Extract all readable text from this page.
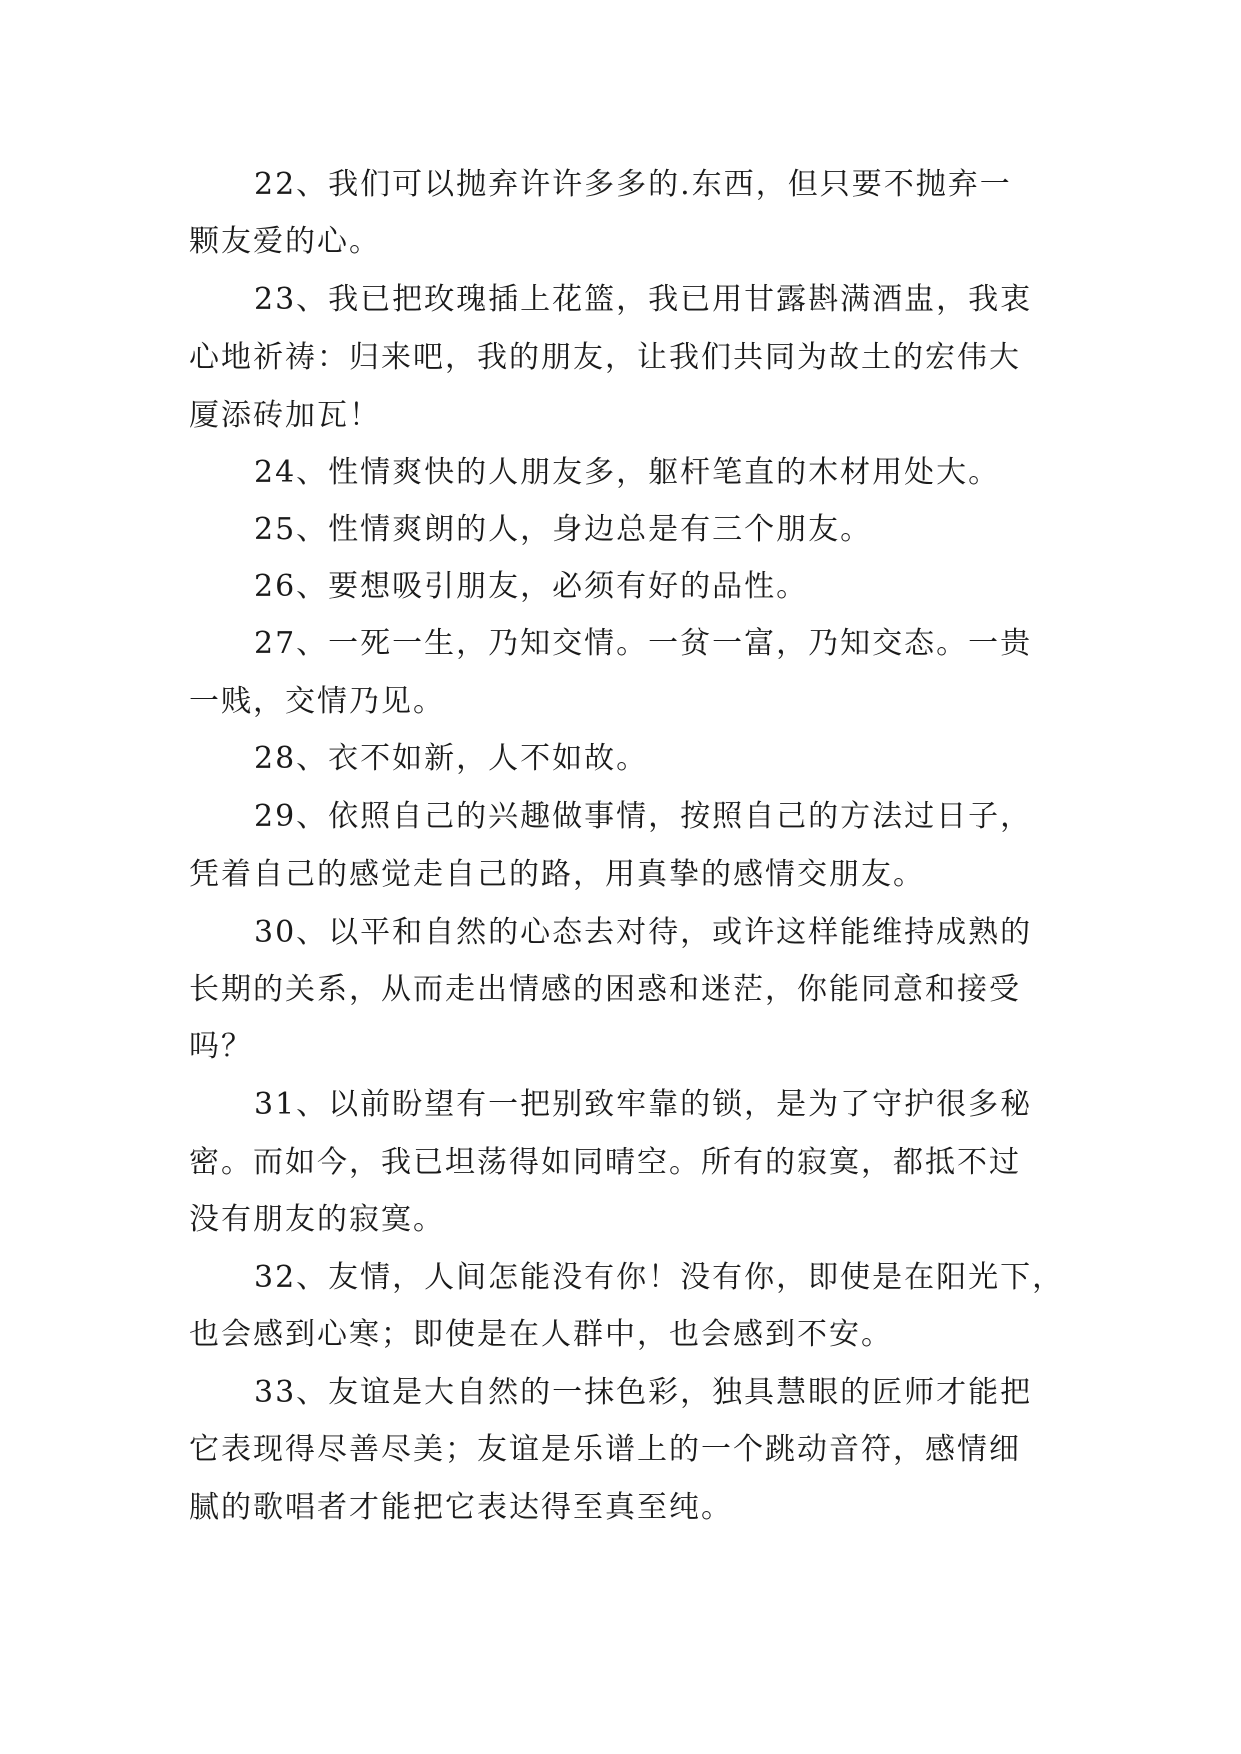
22、我们可以抛弃许许多多的.东西，但只要不抛弃一
颗友爱的心。
23、我已把玫瑰插上花篮，我已用甘露斟满酒盅，我衷
心地祈祷：归来吧，我的朋友，让我们共同为故土的宏伟大
厦添砖加瓦！
24、性情爽快的人朋友多，躯杆笔直的木材用处大。
25、性情爽朗的人，身边总是有三个朋友。
26、要想吸引朋友，必须有好的品性。
27、一死一生，乃知交情。一贫一富，乃知交态。一贵
一贱，交情乃见。
28、衣不如新，人不如故。
29、依照自己的兴趣做事情，按照自己的方法过日子，
凭着自己的感觉走自己的路，用真挚的感情交朋友。
30、以平和自然的心态去对待，或许这样能维持成熟的
长期的关系，从而走出情感的困惑和迷茫，你能同意和接受
吗？
31、以前盼望有一把别致牢靠的锁，是为了守护很多秘
密。而如今，我已坦荡得如同晴空。所有的寂寞，都抵不过
没有朋友的寂寞。
32、友情，人间怎能没有你！没有你，即使是在阳光下，
也会感到心寒；即使是在人群中，也会感到不安。
33、友谊是大自然的一抹色彩，独具慧眼的匠师才能把
它表现得尽善尽美；友谊是乐谱上的一个跳动音符，感情细
腻的歌唱者才能把它表达得至真至纯。
